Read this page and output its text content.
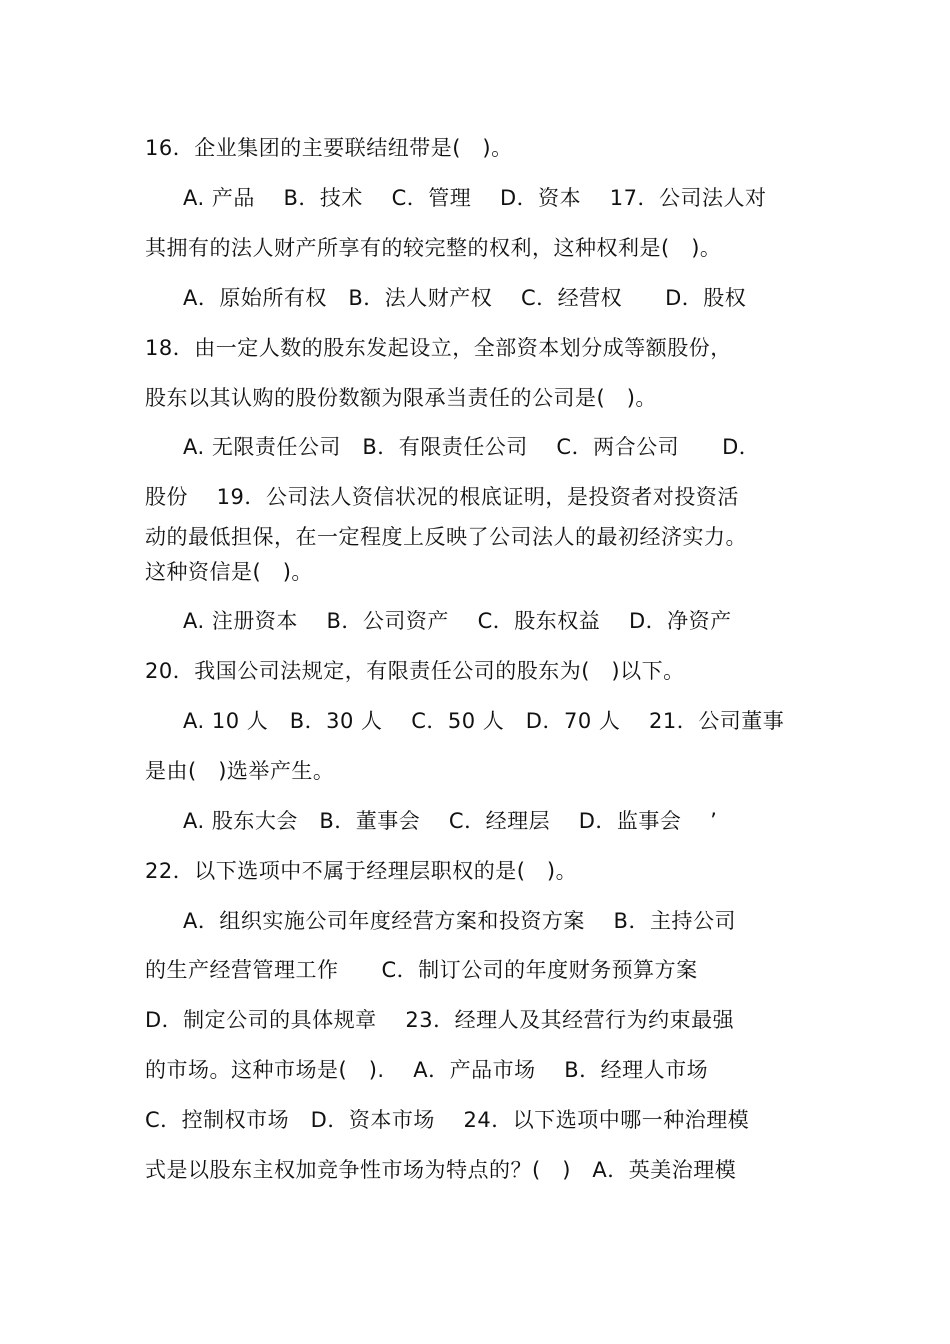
16．企业集团的主要联结纽带是(　)。
A. 产品　 B．技术　 C．管理　 D．资本　 17．公司法人对
其拥有的法人财产所享有的较完整的权利，这种权利是(　)。
A．原始所有权　B．法人财产权　 C．经营权　　D．股权
18．由一定人数的股东发起设立，全部资本划分成等额股份，
股东以其认购的股份数额为限承当责任的公司是(　)。
A. 无限责任公司　B．有限责任公司　 C．两合公司　　D．
股份　 19．公司法人资信状况的根底证明，是投资者对投资活
动的最低担保，在一定程度上反映了公司法人的最初经济实力。
这种资信是(　)。
A. 注册资本　 B．公司资产　 C．股东权益　 D．净资产
20．我国公司法规定，有限责任公司的股东为(　)以下。
A. 10 人　B．30 人　 C．50 人　D．70 人　 21．公司董事
是由(　)选举产生。
A. 股东大会　B．董事会　 C．经理层　 D．监事会　 ’
22．以下选项中不属于经理层职权的是(　)。
A．组织实施公司年度经营方案和投资方案　 B．主持公司
的生产经营管理工作　　C．制订公司的年度财务预算方案
D．制定公司的具体规章　 23．经理人及其经营行为约束最强
的市场。这种市场是(　).　 A．产品市场　 B．经理人市场
C．控制权市场　D．资本市场　 24．以下选项中哪一种治理模
式是以股东主权加竞争性市场为特点的？(　)　A．英美治理模
